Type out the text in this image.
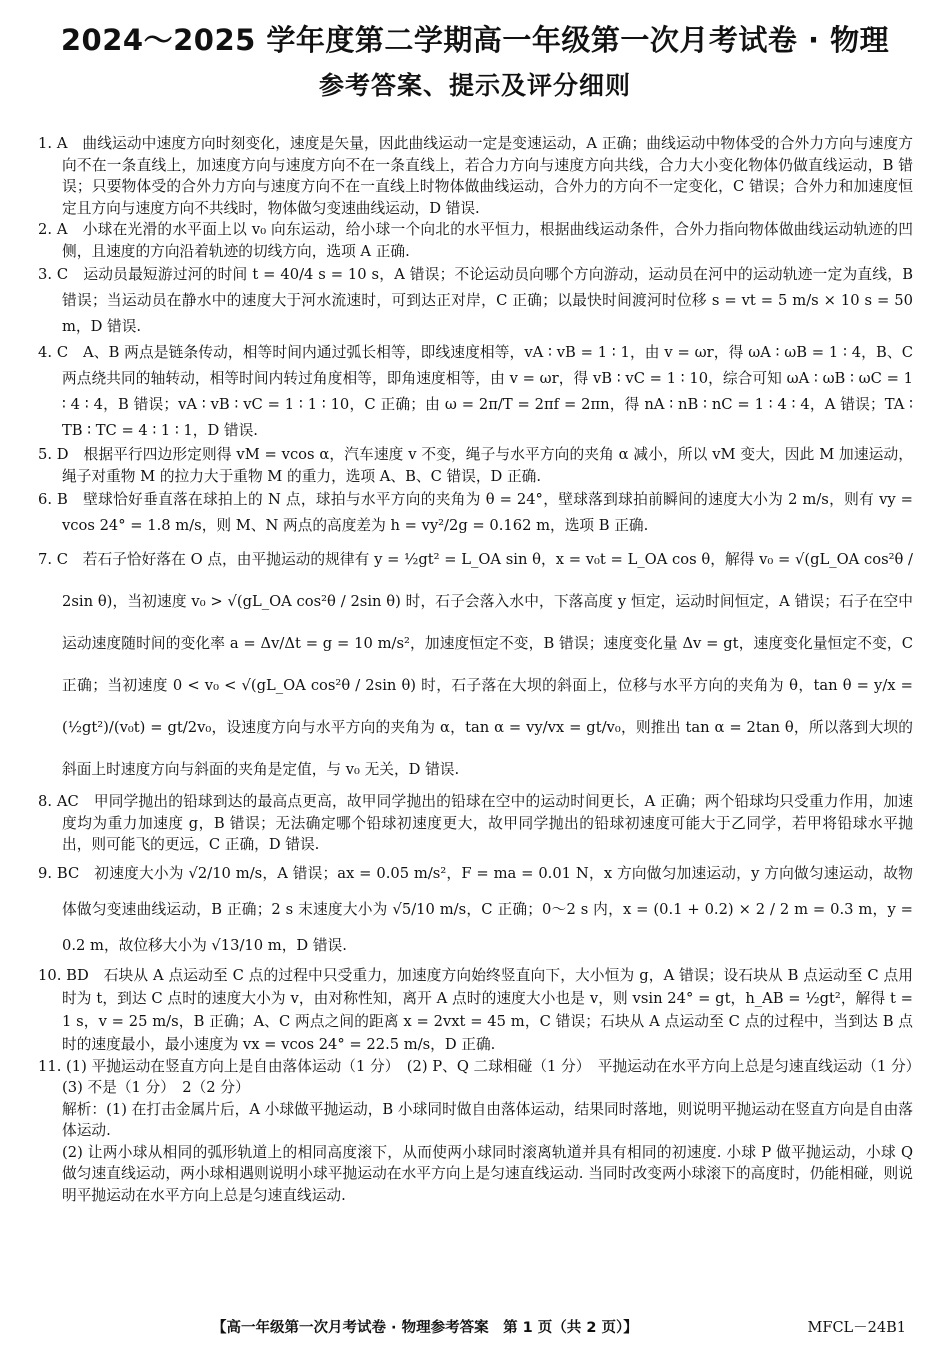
2024～2025 学年度第二学期高一年级第一次月考试卷 · 物理
参考答案、提示及评分细则

1. A　曲线运动中速度方向时刻变化，速度是矢量，因此曲线运动一定是变速运动，A 正确；曲线运动中物体受的合外力方向与速度方向不在一条直线上，加速度方向与速度方向不在一条直线上，若合力方向与速度方向共线，合力大小变化物体仍做直线运动，B 错误；只要物体受的合外力方向与速度方向不在一直线上时物体做曲线运动，合外力的方向不一定变化，C 错误；合外力和加速度恒定且方向与速度方向不共线时，物体做匀变速曲线运动，D 错误.

2. A　小球在光滑的水平面上以 v₀ 向东运动，给小球一个向北的水平恒力，根据曲线运动条件，合外力指向物体做曲线运动轨迹的凹侧，且速度的方向沿着轨迹的切线方向，选项 A 正确.

3. C　运动员最短游过河的时间 t = 40/4 s = 10 s，A 错误；不论运动员向哪个方向游动，运动员在河中的运动轨迹一定为直线，B 错误；当运动员在静水中的速度大于河水流速时，可到达正对岸，C 正确；以最快时间渡河时位移 s = vt = 5 m/s × 10 s = 50 m，D 错误.

4. C　A、B 两点是链条传动，相等时间内通过弧长相等，即线速度相等，vA ∶ vB = 1 ∶ 1，由 v = ωr，得 ωA ∶ ωB = 1 ∶ 4，B、C 两点绕共同的轴转动，相等时间内转过角度相等，即角速度相等，由 v = ωr，得 vB ∶ vC = 1 ∶ 10，综合可知 ωA ∶ ωB ∶ ωC = 1 ∶ 4 ∶ 4，B 错误；vA ∶ vB ∶ vC = 1 ∶ 1 ∶ 10，C 正确；由 ω = 2π/T = 2πf = 2πn，得 nA ∶ nB ∶ nC = 1 ∶ 4 ∶ 4，A 错误；TA ∶ TB ∶ TC = 4 ∶ 1 ∶ 1，D 错误.

5. D　根据平行四边形定则得 vM = vcos α，汽车速度 v 不变，绳子与水平方向的夹角 α 减小，所以 vM 变大，因此 M 加速运动，绳子对重物 M 的拉力大于重物 M 的重力，选项 A、B、C 错误，D 正确.

6. B　壁球恰好垂直落在球拍上的 N 点，球拍与水平方向的夹角为 θ = 24°，壁球落到球拍前瞬间的速度大小为 2 m/s，则有 vy = vcos 24° = 1.8 m/s，则 M、N 两点的高度差为 h = vy²/2g = 0.162 m，选项 B 正确.

7. C　若石子恰好落在 O 点，由平抛运动的规律有 y = ½gt² = L_OA sin θ，x = v₀t = L_OA cos θ，解得 v₀ = √(gL_OA cos²θ / 2sin θ)，当初速度 v₀ > √(gL_OA cos²θ / 2sin θ) 时，石子会落入水中，下落高度 y 恒定，运动时间恒定，A 错误；石子在空中运动速度随时间的变化率 a = Δv/Δt = g = 10 m/s²，加速度恒定不变，B 错误；速度变化量 Δv = gt，速度变化量恒定不变，C 正确；当初速度 0 < v₀ < √(gL_OA cos²θ / 2sin θ) 时，石子落在大坝的斜面上，位移与水平方向的夹角为 θ，tan θ = y/x = (½gt²)/(v₀t) = gt/2v₀，设速度方向与水平方向的夹角为 α，tan α = vy/vx = gt/v₀，则推出 tan α = 2tan θ，所以落到大坝的斜面上时速度方向与斜面的夹角是定值，与 v₀ 无关，D 错误.

8. AC　甲同学抛出的铅球到达的最高点更高，故甲同学抛出的铅球在空中的运动时间更长，A 正确；两个铅球均只受重力作用，加速度均为重力加速度 g，B 错误；无法确定哪个铅球初速度更大，故甲同学抛出的铅球初速度可能大于乙同学，若甲将铅球水平抛出，则可能飞的更远，C 正确，D 错误.

9. BC　初速度大小为 √2/10 m/s，A 错误；ax = 0.05 m/s²，F = ma = 0.01 N，x 方向做匀加速运动，y 方向做匀速运动，故物体做匀变速曲线运动，B 正确；2 s 末速度大小为 √5/10 m/s，C 正确；0～2 s 内，x = (0.1 + 0.2) × 2 / 2 m = 0.3 m，y = 0.2 m，故位移大小为 √13/10 m，D 错误.

10. BD　石块从 A 点运动至 C 点的过程中只受重力，加速度方向始终竖直向下，大小恒为 g，A 错误；设石块从 B 点运动至 C 点用时为 t，到达 C 点时的速度大小为 v，由对称性知，离开 A 点时的速度大小也是 v，则 vsin 24° = gt，h_AB = ½gt²，解得 t = 1 s，v = 25 m/s，B 正确；A、C 两点之间的距离 x = 2vxt = 45 m，C 错误；石块从 A 点运动至 C 点的过程中，当到达 B 点时的速度最小，最小速度为 vx = vcos 24° = 22.5 m/s，D 正确.

11. (1) 平抛运动在竖直方向上是自由落体运动（1 分）　(2) P、Q 二球相碰（1 分）　平抛运动在水平方向上总是匀速直线运动（1 分）　(3) 不是（1 分）　2（2 分）

解析：(1) 在打击金属片后，A 小球做平抛运动，B 小球同时做自由落体运动，结果同时落地，则说明平抛运动在竖直方向是自由落体运动.

(2) 让两小球从相同的弧形轨道上的相同高度滚下，从而使两小球同时滚离轨道并具有相同的初速度. 小球 P 做平抛运动，小球 Q 做匀速直线运动，两小球相遇则说明小球平抛运动在水平方向上是匀速直线运动. 当同时改变两小球滚下的高度时，仍能相碰，则说明平抛运动在水平方向上总是匀速直线运动.

【高一年级第一次月考试卷 · 物理参考答案　第 1 页（共 2 页）】	MFCL－24B1
